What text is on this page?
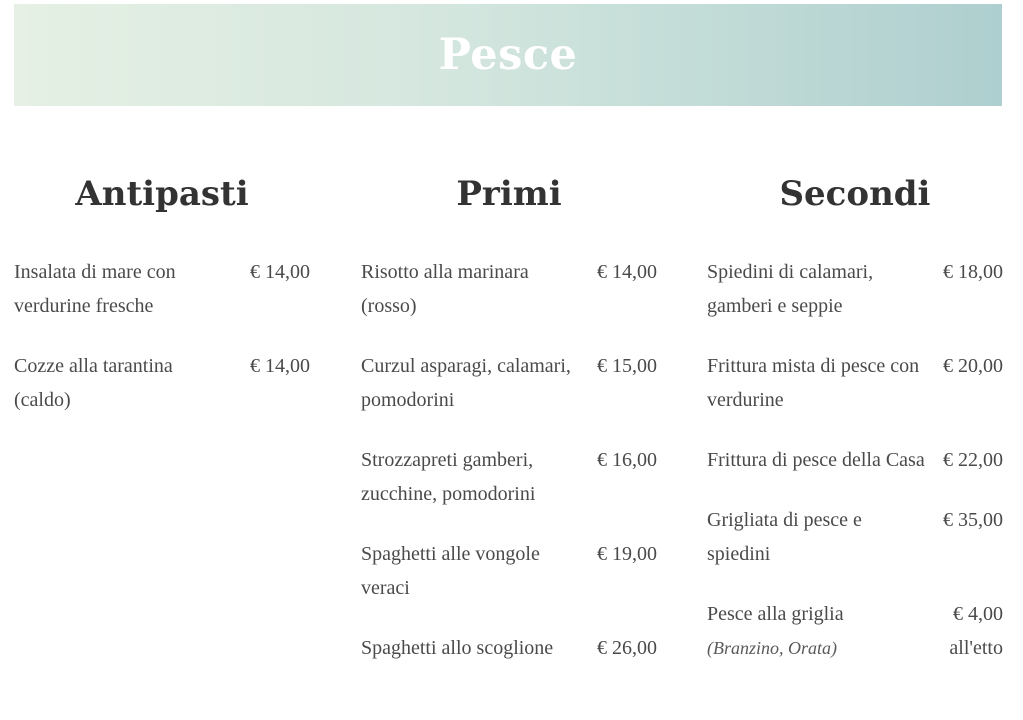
Pesce
Antipasti
Insalata di mare con verdurine fresche
€ 14,00
Cozze alla tarantina (caldo)
€ 14,00
Primi
Risotto alla marinara (rosso)
€ 14,00
Curzul asparagi, calamari, pomodorini
€ 15,00
Strozzapreti gamberi, zucchine, pomodorini
€ 16,00
Spaghetti alle vongole veraci
€ 19,00
Spaghetti allo scoglione	€ 26,00
Secondi
Spiedini di calamari, gamberi e seppie
€ 18,00
Frittura mista di pesce con verdurine
€ 20,00
Frittura di pesce della Casa € 22,00
Grigliata di pesce e spiedini
€ 35,00
Pesce alla griglia
(Branzino, Orata)
€ 4,00
all'etto
